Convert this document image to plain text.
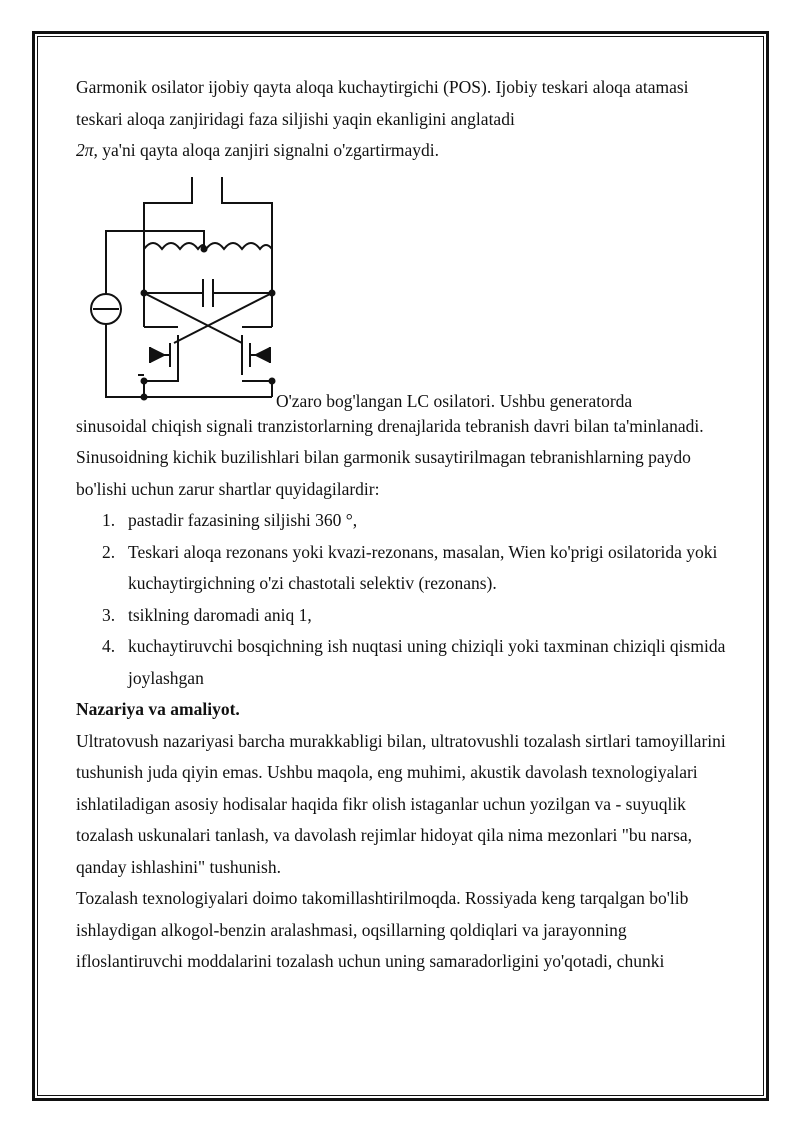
Garmonik osilator ijobiy qayta aloqa kuchaytirgichi (POS). Ijobiy teskari aloqa atamasi teskari aloqa zanjiridagi faza siljishi yaqin ekanligini anglatadi
2π, ya'ni qayta aloqa zanjiri signalni o'zgartirmaydi.

O'zaro bog'langan LC osilatori. Ushbu generatorda

sinusoidal chiqish signali tranzistorlarning drenajlarida tebranish davri bilan ta'minlanadi.

Sinusoidning kichik buzilishlari bilan garmonik susaytirilmagan tebranishlarning paydo bo'lishi uchun zarur shartlar quyidagilardir:

1. pastadir fazasining siljishi 360 °,
2. Teskari aloqa rezonans yoki kvazi-rezonans, masalan, Wien ko'prigi osilatorida yoki kuchaytirgichning o'zi chastotali selektiv (rezonans).
3. tsiklning daromadi aniq 1,
4. kuchaytiruvchi bosqichning ish nuqtasi uning chiziqli yoki taxminan chiziqli qismida joylashgan

Nazariya va amaliyot.

Ultratovush nazariyasi barcha murakkabligi bilan, ultratovushli tozalash sirtlari tamoyillarini tushunish juda qiyin emas. Ushbu maqola, eng muhimi, akustik davolash texnologiyalari ishlatiladigan asosiy hodisalar haqida fikr olish istaganlar uchun yozilgan va - suyuqlik tozalash uskunalari tanlash, va davolash rejimlar hidoyat qila nima mezonlari "bu narsa, qanday ishlashini" tushunish.

Tozalash texnologiyalari doimo takomillashtirilmoqda. Rossiyada keng tarqalgan bo'lib ishlaydigan alkogol-benzin aralashmasi, oqsillarning qoldiqlari va jarayonning ifloslantiruvchi moddalarini tozalash uchun uning samaradorligini yo'qotadi, chunki
